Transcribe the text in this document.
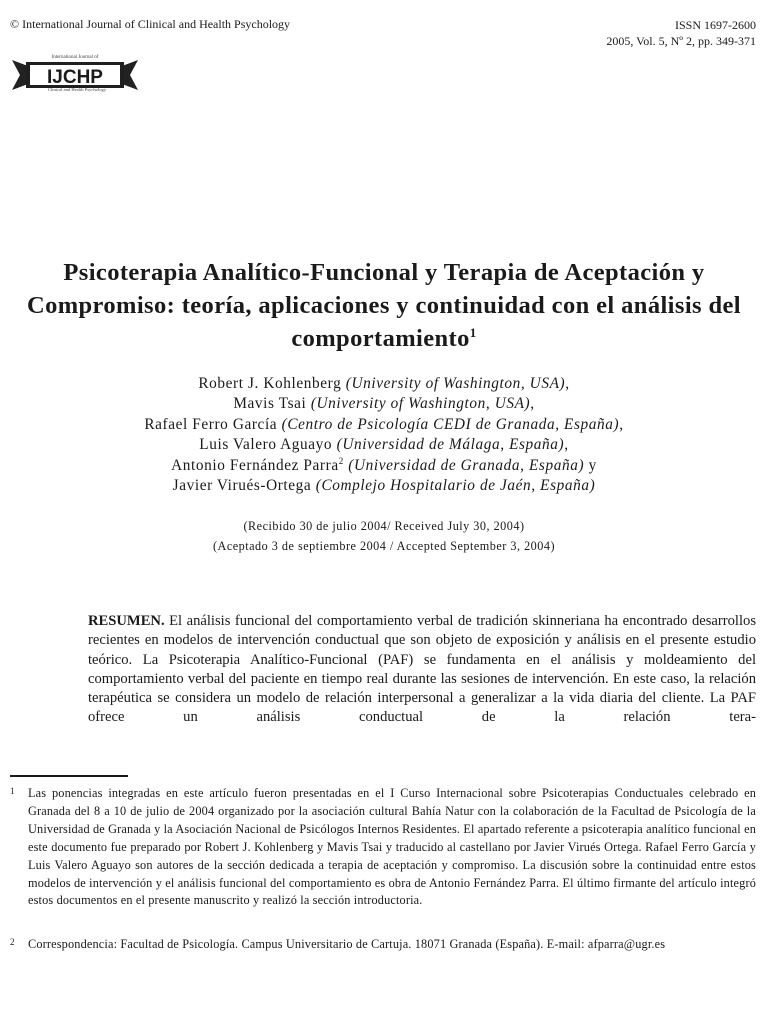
© International Journal of Clinical and Health Psychology	ISSN 1697-2600
2005, Vol. 5, Nº 2, pp. 349-371
International Journal of
IJCHP
Clinical and Health Psychology
Psicoterapia Analítico-Funcional y Terapia de Aceptación y Compromiso: teoría, aplicaciones y continuidad con el análisis del comportamiento$^1$
Robert J. Kohlenberg (University of Washington, USA),
Mavis Tsai (University of Washington, USA),
Rafael Ferro García (Centro de Psicología CEDI de Granada, España),
Luis Valero Aguayo (Universidad de Málaga, España),
Antonio Fernández Parra$^2$ (Universidad de Granada, España) y
Javier Virués-Ortega (Complejo Hospitalario de Jaén, España)
(Recibido 30 de julio 2004/ Received July 30, 2004)
(Aceptado 3 de septiembre 2004 / Accepted September 3, 2004)

RESUMEN. El análisis funcional del comportamiento verbal de tradición skinneriana ha encontrado desarrollos recientes en modelos de intervención conductual que son objeto de exposición y análisis en el presente estudio teórico. La Psicoterapia Analítico-Funcional (PAF) se fundamenta en el análisis y moldeamiento del comportamiento verbal del paciente en tiempo real durante las sesiones de intervención. En este caso, la relación terapéutica se considera un modelo de relación interpersonal a generalizar a la vida diaria del cliente. La PAF ofrece un análisis conductual de la relación tera-

1 Las ponencias integradas en este artículo fueron presentadas en el I Curso Internacional sobre Psicoterapias Conductuales celebrado en Granada del 8 a 10 de julio de 2004 organizado por la asociación cultural Bahía Natur con la colaboración de la Facultad de Psicología de la Universidad de Granada y la Asociación Nacional de Psicólogos Internos Residentes. El apartado referente a psicoterapia analítico funcional en este documento fue preparado por Robert J. Kohlenberg y Mavis Tsai y traducido al castellano por Javier Virués Ortega. Rafael Ferro García y Luis Valero Aguayo son autores de la sección dedicada a terapia de aceptación y compromiso. La discusión sobre la continuidad entre estos modelos de intervención y el análisis funcional del comportamiento es obra de Antonio Fernández Parra. El último firmante del artículo integró estos documentos en el presente manuscrito y realizó la sección introductoria.
2 Correspondencia: Facultad de Psicología. Campus Universitario de Cartuja. 18071 Granada (España). E-mail: afparra@ugr.es
